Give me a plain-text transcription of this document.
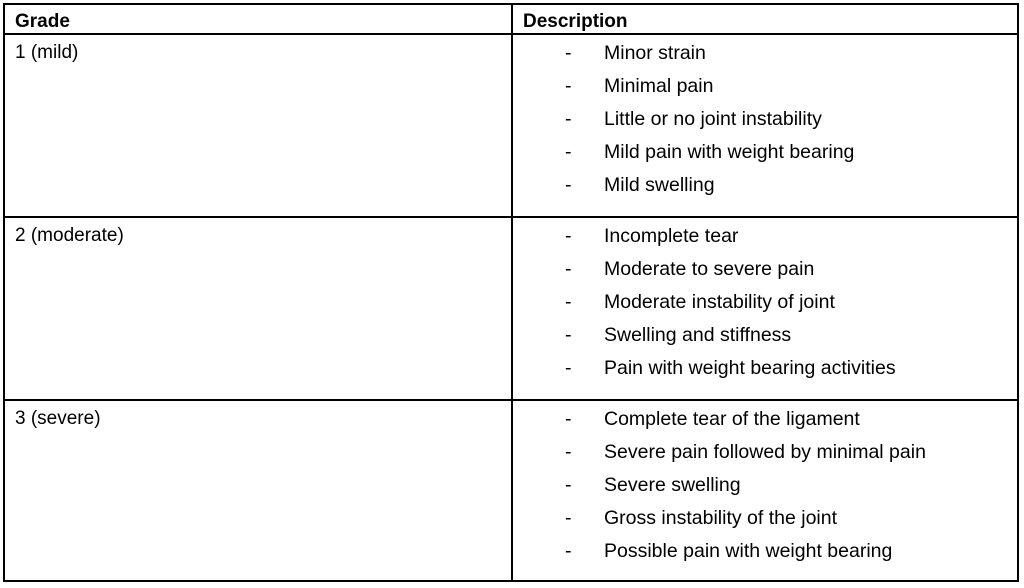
Grade	Description

1 (mild)	- Minor strain
- Minimal pain
- Little or no joint instability
- Mild pain with weight bearing
- Mild swelling

2 (moderate)	- Incomplete tear
- Moderate to severe pain
- Moderate instability of joint
- Swelling and stiffness
- Pain with weight bearing activities

3 (severe)	- Complete tear of the ligament
- Severe pain followed by minimal pain
- Severe swelling
- Gross instability of the joint
- Possible pain with weight bearing
